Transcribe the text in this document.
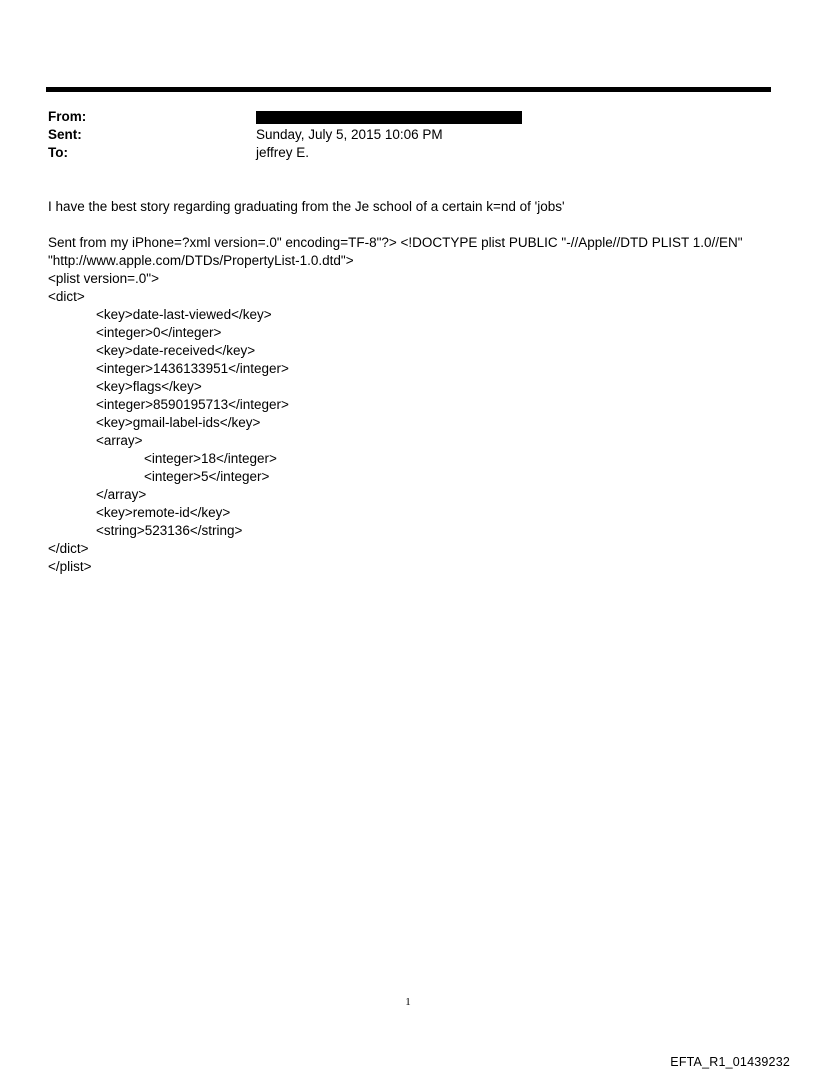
From:
Sent:	Sunday, July 5, 2015 10:06 PM
To:	jeffrey E.

I have the best story regarding graduating from the Je school of a certain k=nd of 'jobs'

Sent from my iPhone=?xml version=.0" encoding=TF-8"?> <!DOCTYPE plist PUBLIC "-//Apple//DTD PLIST 1.0//EN"

"http://www.apple.com/DTDs/PropertyList-1.0.dtd">

<plist version=.0">

<dict>

<key>date-last-viewed</key>

<integer>0</integer>

<key>date-received</key>

<integer>1436133951</integer>

<key>flags</key>

<integer>8590195713</integer>

<key>gmail-label-ids</key>

<array>

<integer>18</integer>

<integer>5</integer>

</array>

<key>remote-id</key>

<string>523136</string>

</dict>

</plist>

1
EFTA_R1_01439232
